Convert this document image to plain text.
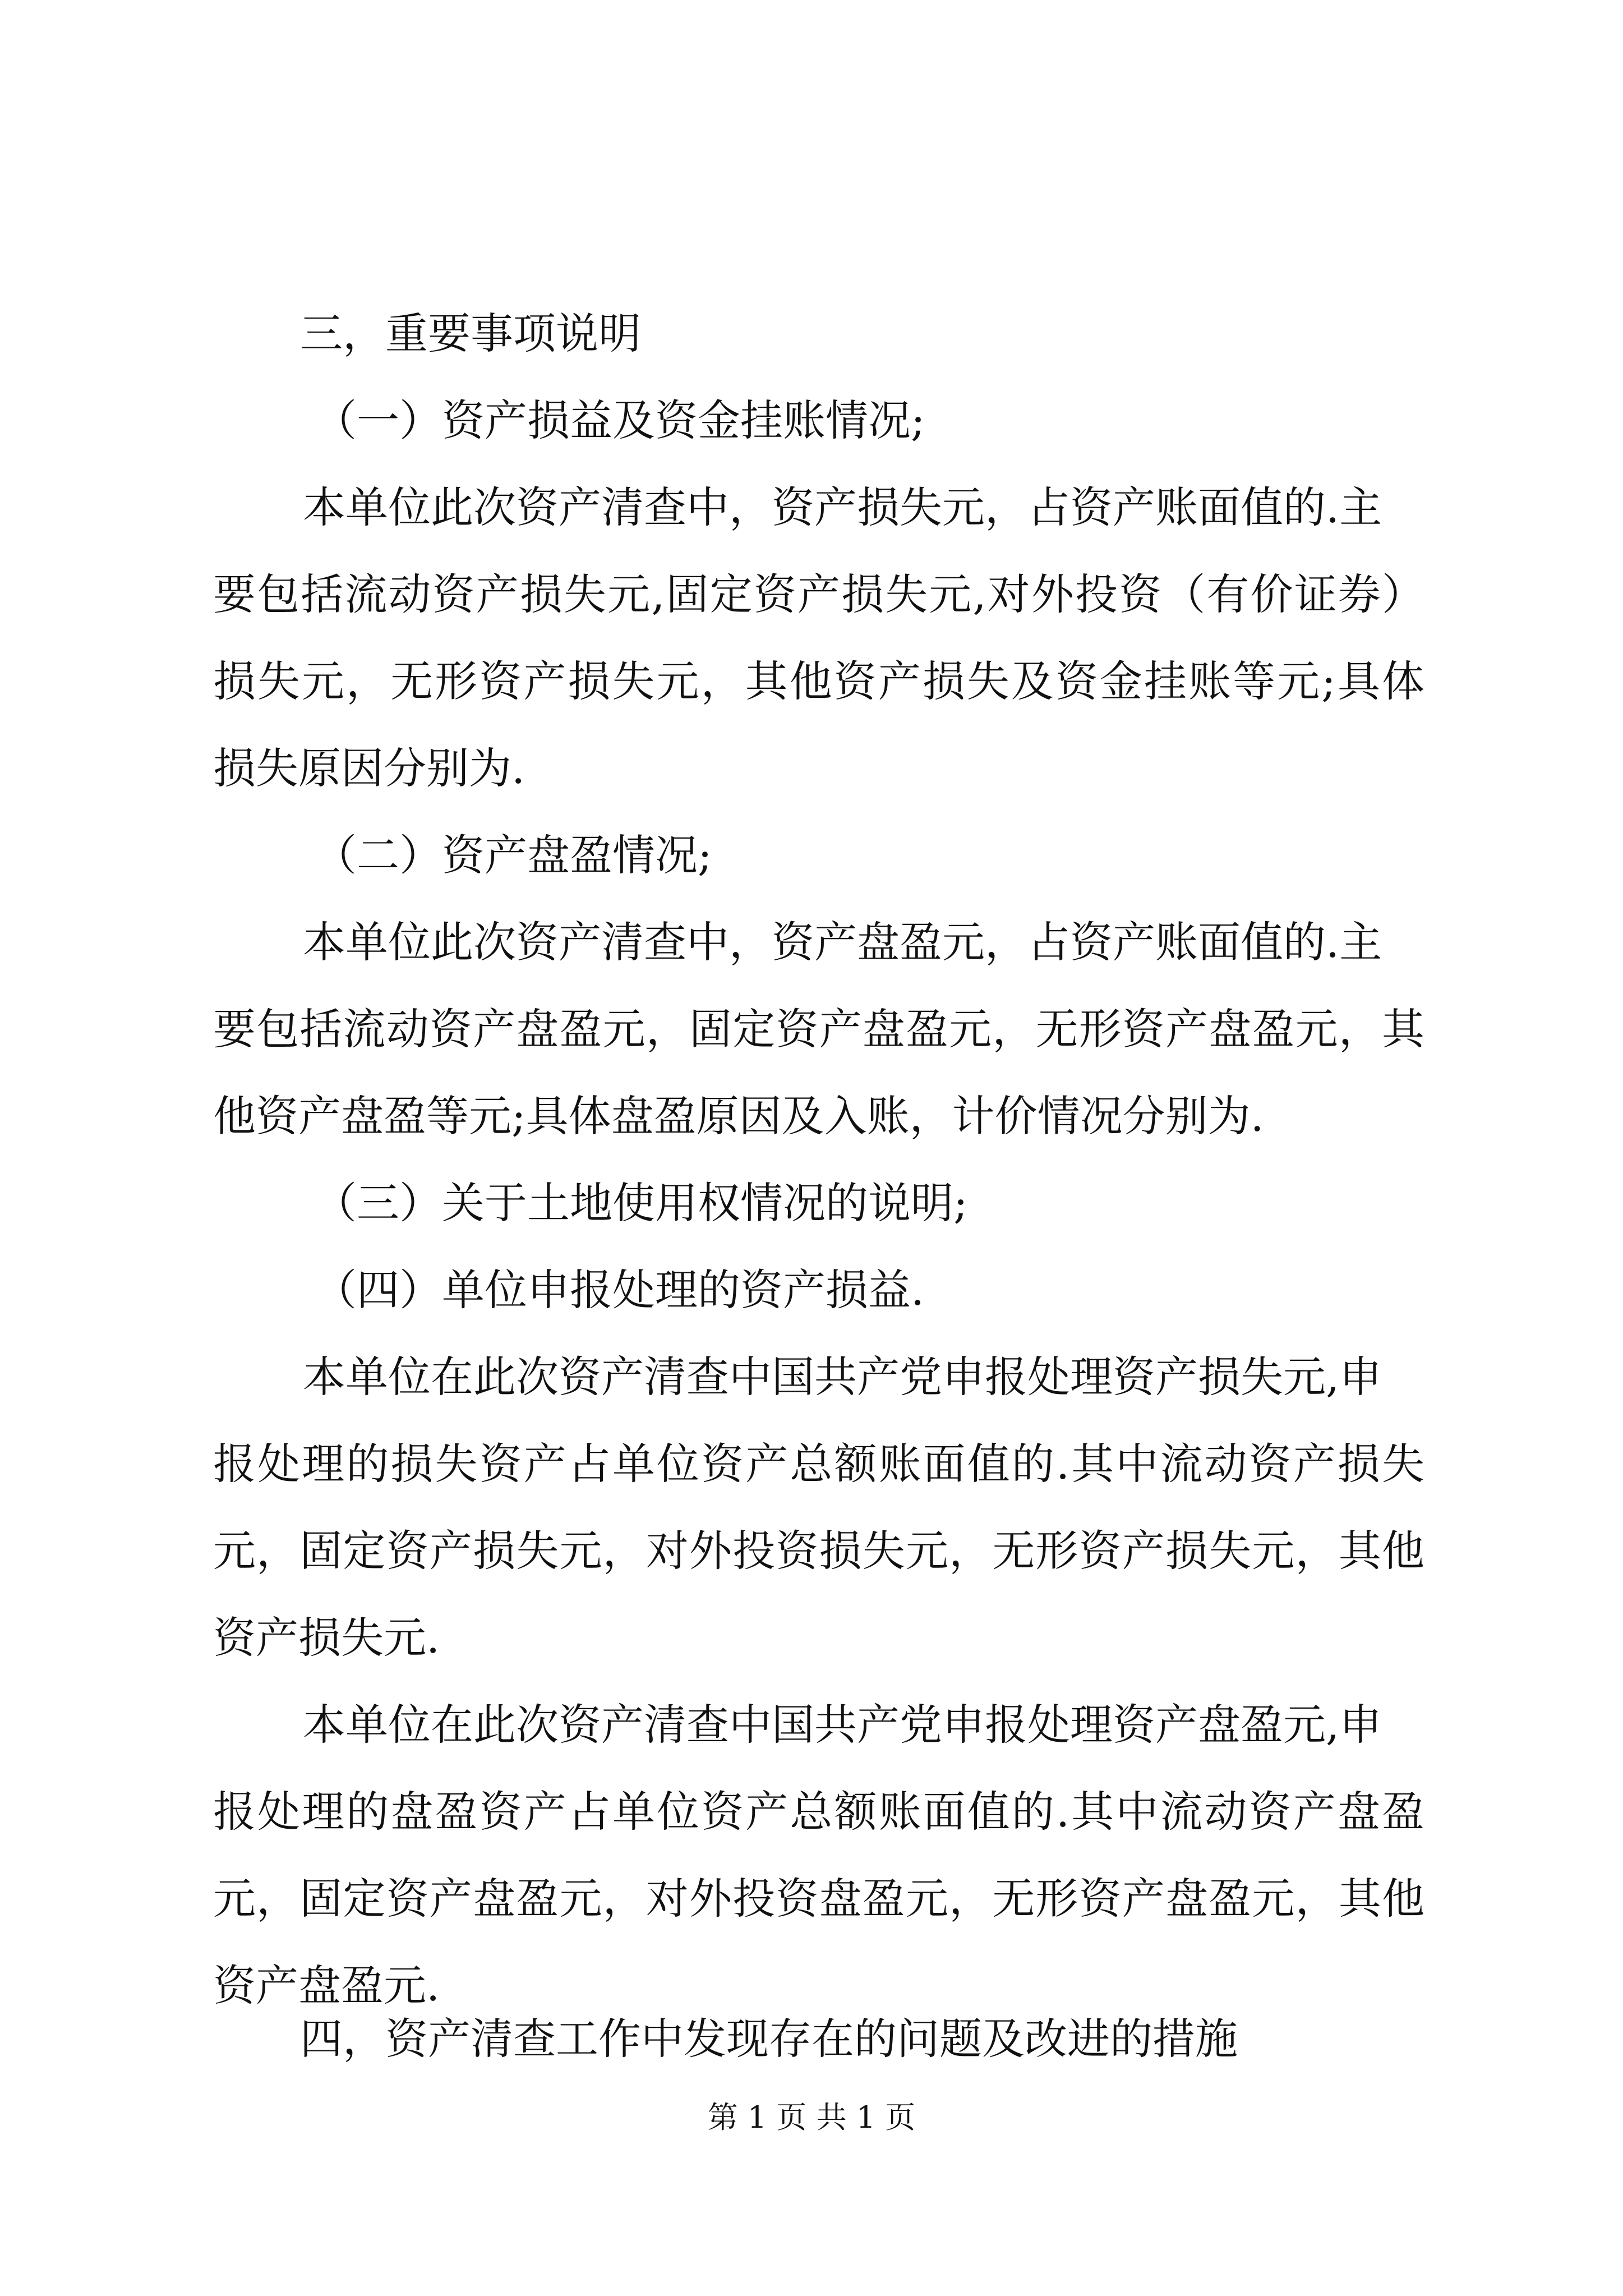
三，重要事项说明
（一）资产损益及资金挂账情况;
本单位此次资产清查中，资产损失元，占资产账面值的.主
要包括流动资产损失元,固定资产损失元,对外投资（有价证券）
损失元，无形资产损失元，其他资产损失及资金挂账等元;具体
损失原因分别为.
（二）资产盘盈情况;
本单位此次资产清查中，资产盘盈元，占资产账面值的.主
要包括流动资产盘盈元，固定资产盘盈元，无形资产盘盈元，其
他资产盘盈等元;具体盘盈原因及入账，计价情况分别为.
（三）关于土地使用权情况的说明;
（四）单位申报处理的资产损益.
本单位在此次资产清查中国共产党申报处理资产损失元,申
报处理的损失资产占单位资产总额账面值的.其中流动资产损失
元，固定资产损失元，对外投资损失元，无形资产损失元，其他
资产损失元.
本单位在此次资产清查中国共产党申报处理资产盘盈元,申
报处理的盘盈资产占单位资产总额账面值的.其中流动资产盘盈
元，固定资产盘盈元，对外投资盘盈元，无形资产盘盈元，其他
资产盘盈元.
四，资产清查工作中发现存在的问题及改进的措施
第 1 页 共 1 页
